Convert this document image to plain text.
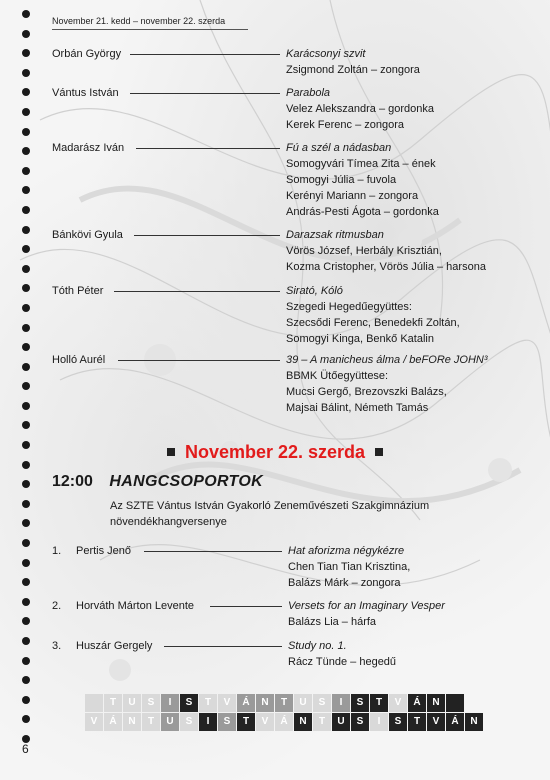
November 21. kedd – november 22. szerda
Orbán György	Karácsonyi szvit
Zsigmond Zoltán – zongora
Vántus István	Parabola
Velez Alekszandra – gordonka
Kerek Ferenc – zongora
Madarász Iván	Fú a szél a nádasban
Somogyvári Tímea Zita – ének
Somogyi Júlia – fuvola
Kerényi Mariann – zongora
András-Pesti Ágota – gordonka
Bánkövi Gyula	Darazsak ritmusban
Vörös József, Herbály Krisztián,
Kozma Cristopher, Vörös Júlia – harsona
Tóth Péter	Sirató, Kóló
Szegedi Hegedűegyüttes:
Szecsődi Ferenc, Benedekfi Zoltán,
Somogyi Kinga, Benkő Katalin
Holló Aurél	39 – A manicheus álma / beFORe JOHN³
BBMK Ütőegyüttese:
Mucsi Gergő, Brezovszki Balázs,
Majsai Bálint, Németh Tamás
November 22. szerda
12:00 HANGCSOPORTOK
Az SZTE Vántus István Gyakorló Zeneművészeti Szakgimnázium
növendékhangversenye
1. Pertis Jenő	Hat aforizma négykézre
Chen Tian Tian Krisztina,
Balázs Márk – zongora
2. Horváth Márton Levente	Versets for an Imaginary Vesper
Balázs Lia – hárfa
3. Huszár Gergely	Study no. 1.
Rácz Tünde – hegedű
T	U	S	I	S	T	V	Á	N	T	U	S	I	S	T	V	Á	N
V	Á	N	T	U	S	I	S	T	V	Á	N	T	U	S	I	S	T	V	Á	N
6
